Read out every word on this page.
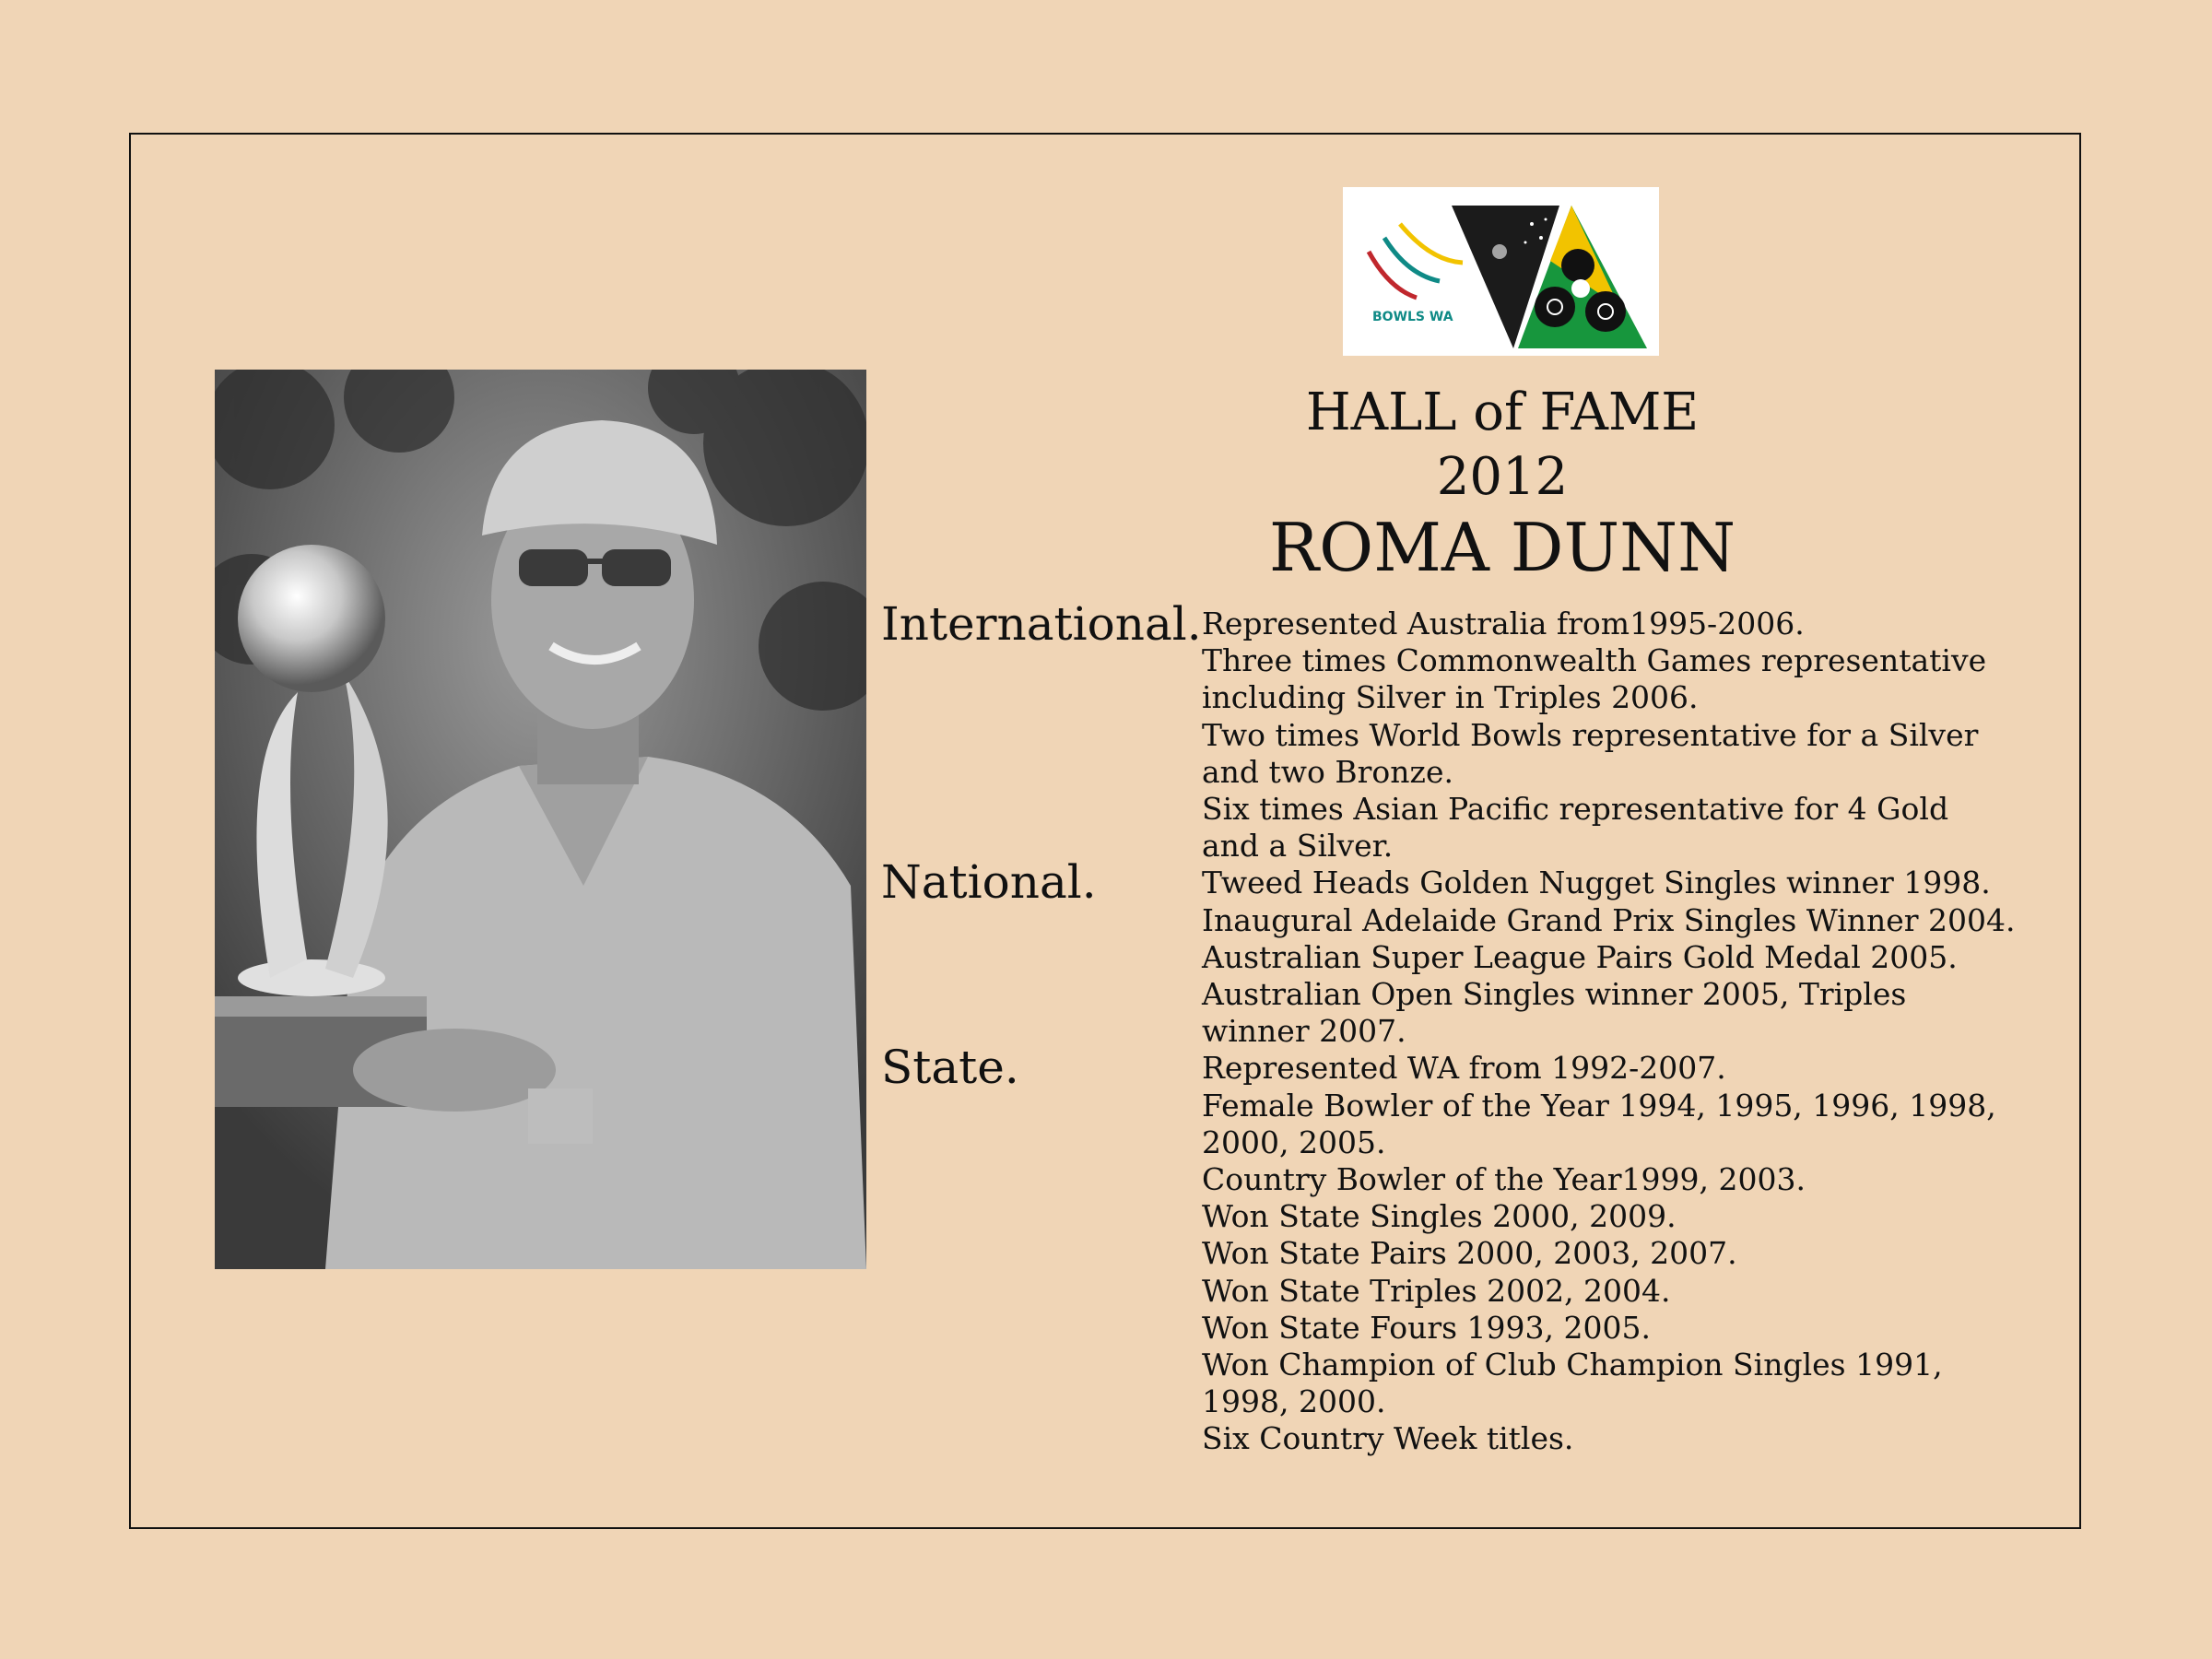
BOWLS WA
HALL of FAME
2012
ROMA DUNN
International.
National.
State.
Represented Australia from1995-2006.
Three times Commonwealth Games representative
including Silver in Triples 2006.
Two times World Bowls representative for a Silver
and two Bronze.
Six times Asian Pacific representative for 4 Gold
and a Silver.
Tweed Heads Golden Nugget Singles winner 1998.
Inaugural Adelaide Grand Prix Singles Winner 2004.
Australian Super League Pairs Gold Medal 2005.
Australian Open Singles winner 2005, Triples
winner 2007.
Represented WA from 1992-2007.
Female Bowler of the Year 1994, 1995, 1996, 1998,
2000, 2005.
Country Bowler of the Year1999, 2003.
Won State Singles 2000, 2009.
Won State Pairs 2000, 2003, 2007.
Won State Triples 2002, 2004.
Won State Fours 1993, 2005.
Won Champion of Club Champion Singles 1991,
1998, 2000.
Six Country Week titles.
